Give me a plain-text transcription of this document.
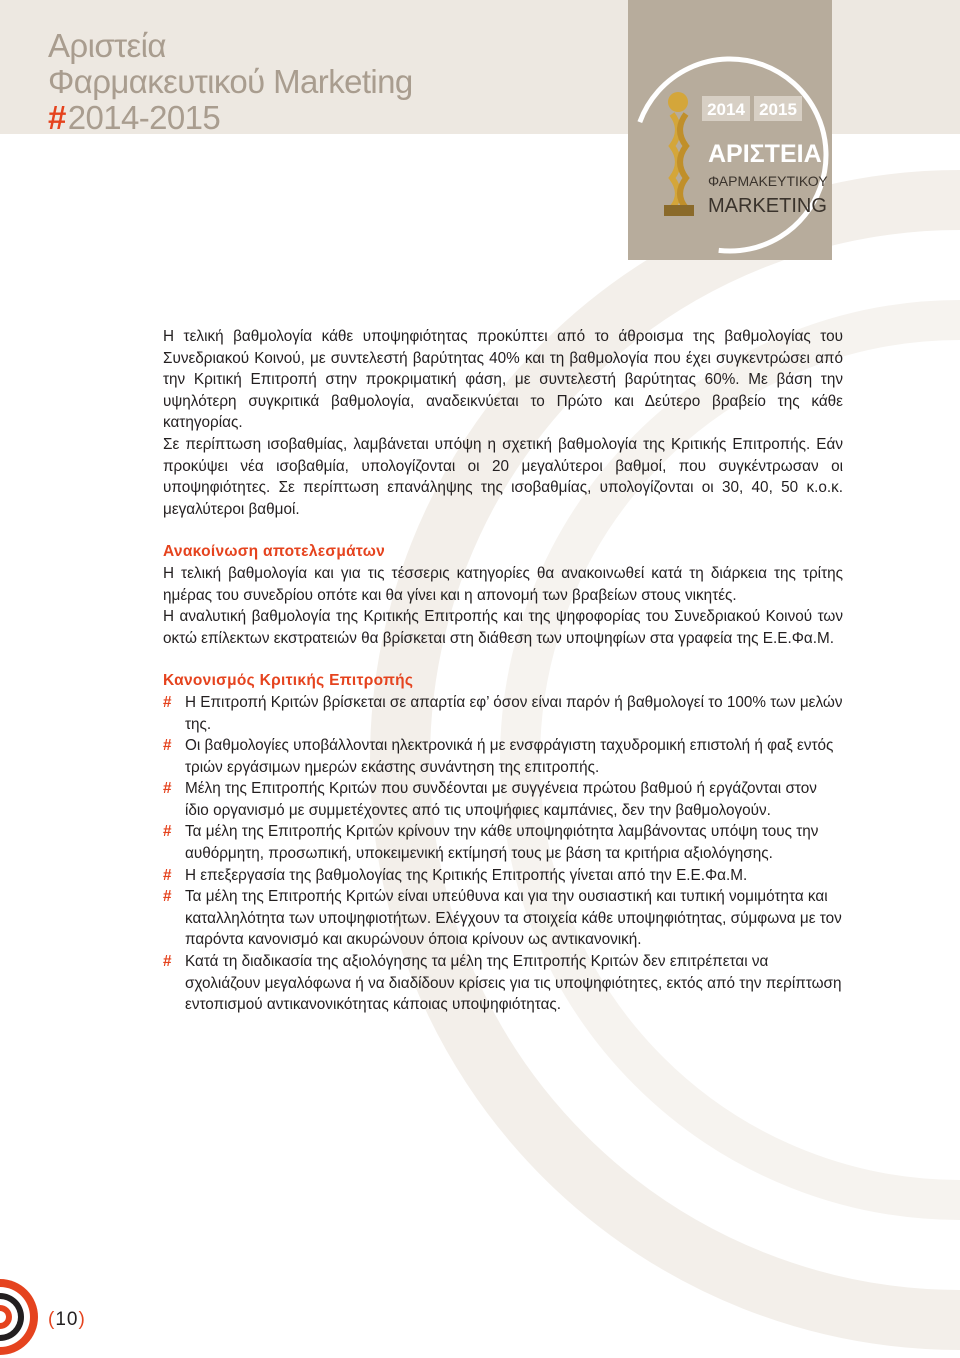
Αριστεία
Φαρμακευτικού Marketing
#2014-2015	2014 2015
ΑΡΙΣΤΕΙΑ
ΦΑΡΜΑΚΕΥΤΙΚΟΥ
MARKETING

Η τελική βαθμολογία κάθε υποψηφιότητας προκύπτει από το άθροισμα της βαθμολογίας του Συνεδριακού Κοινού, με συντελεστή βαρύτητας 40% και τη βαθμολογία που έχει συγκεντρώσει από την Κριτική Επιτροπή στην προκριματική φάση, με συντελεστή βαρύτητας 60%. Με βάση την υψηλότερη συγκριτικά βαθμολογία, αναδεικνύεται το Πρώτο και Δεύτερο βραβείο της κάθε κατηγορίας.

Σε περίπτωση ισοβαθμίας, λαμβάνεται υπόψη η σχετική βαθμολογία της Κριτικής Επιτροπής. Εάν προκύψει νέα ισοβαθμία, υπολογίζονται οι 20 μεγαλύτεροι βαθμοί, που συγκέντρωσαν οι υποψηφιότητες. Σε περίπτωση επανάληψης της ισοβαθμίας, υπολογίζονται οι 30, 40, 50 κ.ο.κ. μεγαλύτεροι βαθμοί.

Ανακοίνωση αποτελεσμάτων

Η τελική βαθμολογία και για τις τέσσερις κατηγορίες θα ανακοινωθεί κατά τη διάρκεια της τρίτης ημέρας του συνεδρίου οπότε και θα γίνει και η απονομή των βραβείων στους νικητές.

Η αναλυτική βαθμολογία της Κριτικής Επιτροπής και της ψηφοφορίας του Συνεδριακού Κοινού των οκτώ επίλεκτων εκστρατειών θα βρίσκεται στη διάθεση των υποψηφίων στα γραφεία της Ε.Ε.Φα.Μ.

Κανονισμός Κριτικής Επιτροπής

# Η Επιτροπή Κριτών βρίσκεται σε απαρτία εφ’ όσον είναι παρόν ή βαθμολογεί το 100% των μελών της.
# Οι βαθμολογίες υποβάλλονται ηλεκτρονικά ή με ενσφράγιστη ταχυδρομική επιστολή ή φαξ εντός τριών εργάσιμων ημερών εκάστης συνάντηση της επιτροπής.
# Μέλη της Επιτροπής Κριτών που συνδέονται με συγγένεια πρώτου βαθμού ή εργάζονται στον ίδιο οργανισμό με συμμετέχοντες από τις υποψήφιες καμπάνιες, δεν την βαθμολογούν.
# Τα μέλη της Επιτροπής Κριτών κρίνουν την κάθε υποψηφιότητα λαμβάνοντας υπόψη τους την αυθόρμητη, προσωπική, υποκειμενική εκτίμησή τους με βάση τα κριτήρια αξιολόγησης.
# Η επεξεργασία της βαθμολογίας της Κριτικής Επιτροπής γίνεται από την Ε.Ε.Φα.Μ.
# Τα μέλη της Επιτροπής Κριτών είναι υπεύθυνα και για την ουσιαστική και τυπική νομιμότητα και καταλληλότητα των υποψηφιοτήτων. Ελέγχουν τα στοιχεία κάθε υποψηφιότητας, σύμφωνα με τον παρόντα κανονισμό και ακυρώνουν όποια κρίνουν ως αντικανονική.
# Κατά τη διαδικασία της αξιολόγησης τα μέλη της Επιτροπής Κριτών δεν επιτρέπεται να σχολιάζουν μεγαλόφωνα ή να διαδίδουν κρίσεις για τις υποψηφιότητες, εκτός από την περίπτωση εντοπισμού αντικανονικότητας κάποιας υποψηφιότητας.
(10)
